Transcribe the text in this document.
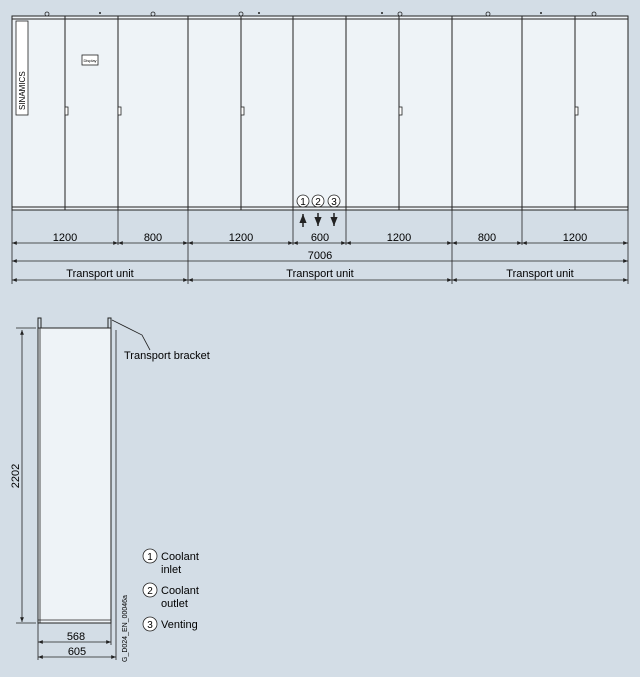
SINAMICS
Display
1 2 3
1200	800	1200	600	1200	800	1200
7006
Transport unit	Transport unit	Transport unit
Transport bracket
2202
568
605	G_D024_EN_00046a
1 Coolant
inlet
2 Coolant
outlet
3 Venting
